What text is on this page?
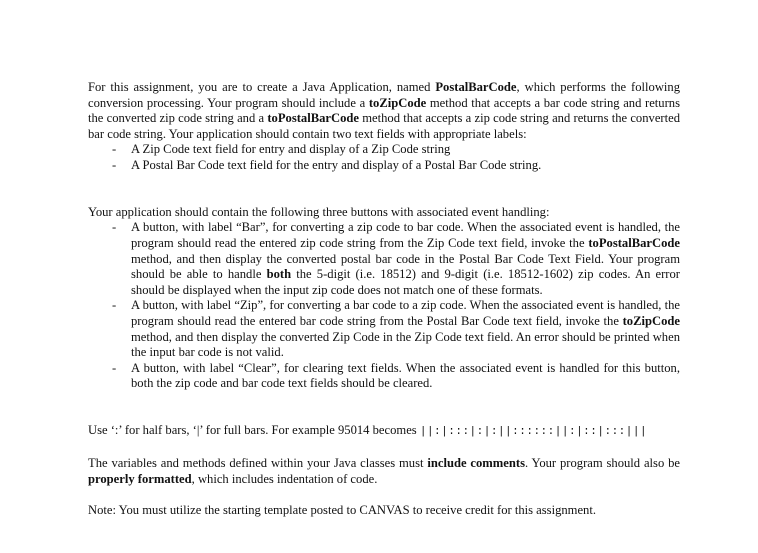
For this assignment, you are to create a Java Application, named PostalBarCode, which performs the following conversion processing. Your program should include a toZipCode method that accepts a bar code string and returns the converted zip code string and a toPostalBarCode method that accepts a zip code string and returns the converted bar code string. Your application should contain two text fields with appropriate labels:

- A Zip Code text field for entry and display of a Zip Code string
- A Postal Bar Code text field for the entry and display of a Postal Bar Code string.

Your application should contain the following three buttons with associated event handling:

- A button, with label “Bar”, for converting a zip code to bar code. When the associated event is handled, the program should read the entered zip code string from the Zip Code text field, invoke the toPostalBarCode method, and then display the converted postal bar code in the Postal Bar Code Text Field. Your program should be able to handle both the 5-digit (i.e. 18512) and 9-digit (i.e. 18512-1602) zip codes. An error should be displayed when the input zip code does not match one of these formats.
- A button, with label “Zip”, for converting a bar code to a zip code. When the associated event is handled, the program should read the entered bar code string from the Postal Bar Code text field, invoke the toZipCode method, and then display the converted Zip Code in the Zip Code text field. An error should be printed when the input bar code is not valid.
- A button, with label “Clear”, for clearing text fields. When the associated event is handled for this button, both the zip code and bar code text fields should be cleared.

Use ‘:’ for half bars, ‘|’ for full bars. For example 95014 becomes ||:|:::|:|:||::::::||:|::|:::|||

The variables and methods defined within your Java classes must include comments. Your program should also be properly formatted, which includes indentation of code.

Note: You must utilize the starting template posted to CANVAS to receive credit for this assignment.
